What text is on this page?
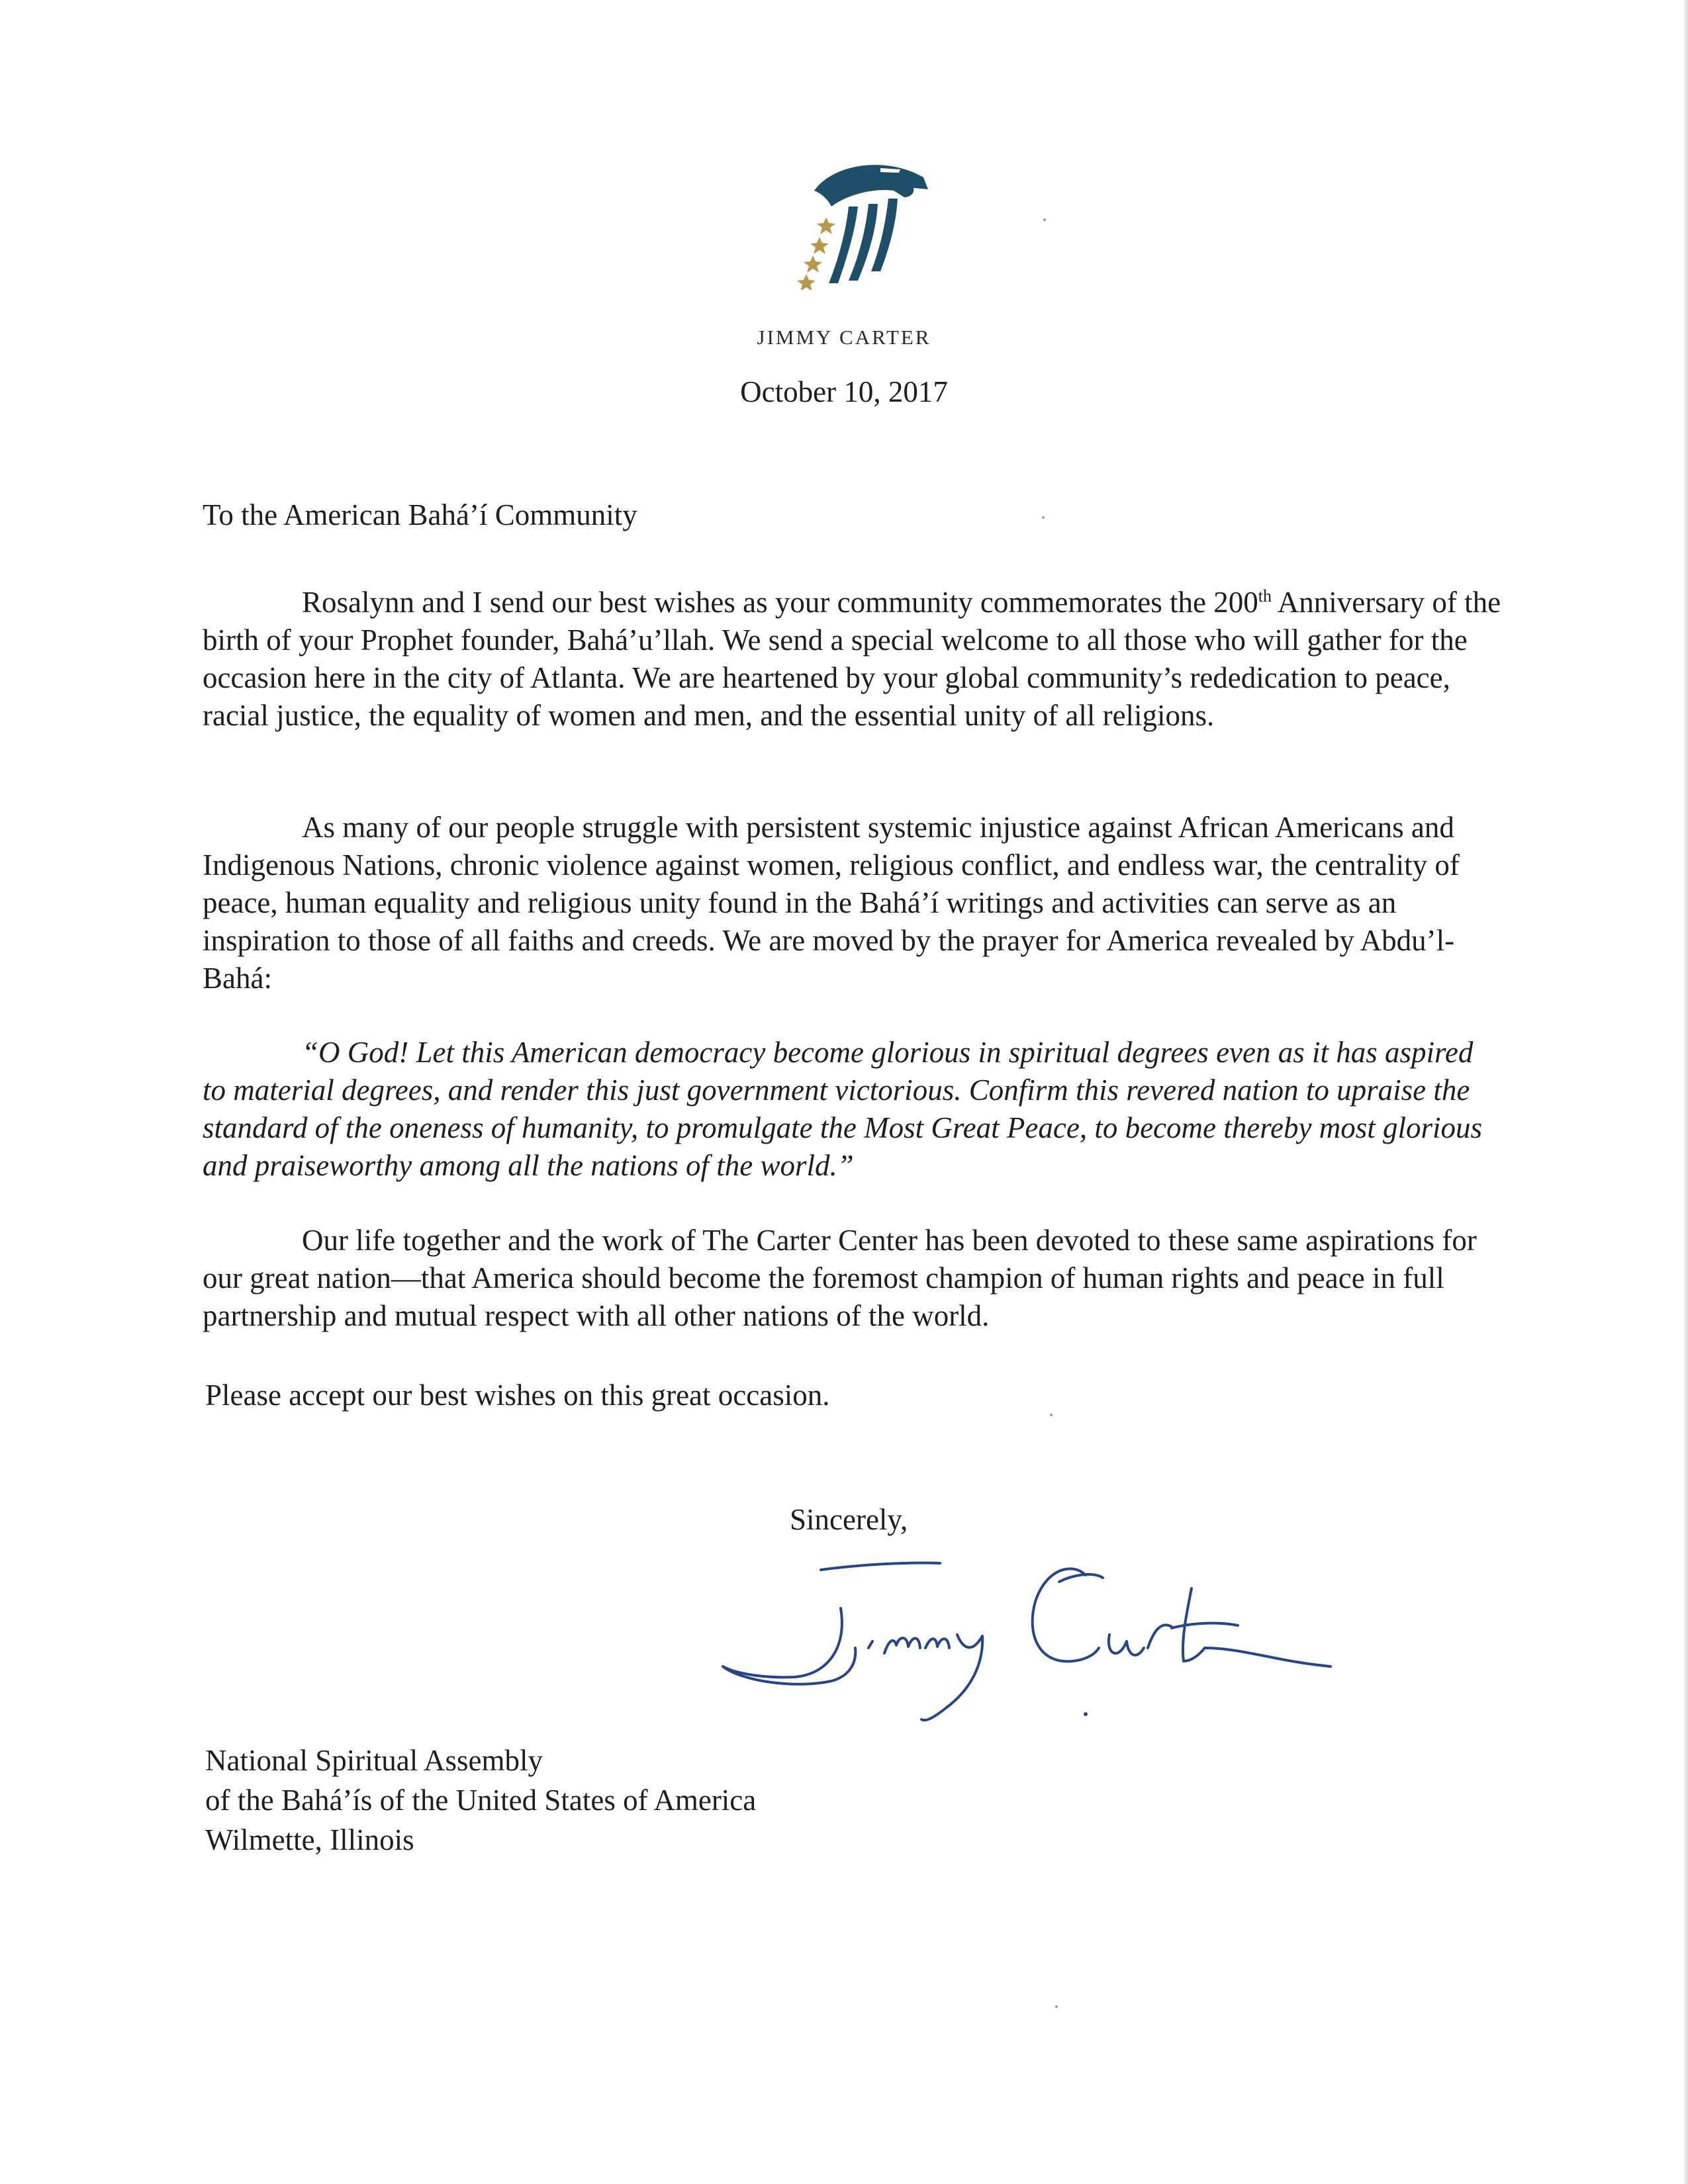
JIMMY CARTER
October 10, 2017
To the American Bahá’í Community

Rosalynn and I send our best wishes as your community commemorates the 200th Anniversary of the birth of your Prophet founder, Bahá’u’llah. We send a special welcome to all those who will gather for the occasion here in the city of Atlanta. We are heartened by your global community’s rededication to peace, racial justice, the equality of women and men, and the essential unity of all religions.

As many of our people struggle with persistent systemic injustice against African Americans and Indigenous Nations, chronic violence against women, religious conflict, and endless war, the centrality of peace, human equality and religious unity found in the Bahá’í writings and activities can serve as an inspiration to those of all faiths and creeds. We are moved by the prayer for America revealed by Abdu’l-Bahá:

“O God! Let this American democracy become glorious in spiritual degrees even as it has aspired to material degrees, and render this just government victorious. Confirm this revered nation to upraise the standard of the oneness of humanity, to promulgate the Most Great Peace, to become thereby most glorious and praiseworthy among all the nations of the world.”

Our life together and the work of The Carter Center has been devoted to these same aspirations for our great nation—that America should become the foremost champion of human rights and peace in full partnership and mutual respect with all other nations of the world.

Please accept our best wishes on this great occasion.
Sincerely,
National Spiritual Assembly
of the Bahá’ís of the United States of America
Wilmette, Illinois
